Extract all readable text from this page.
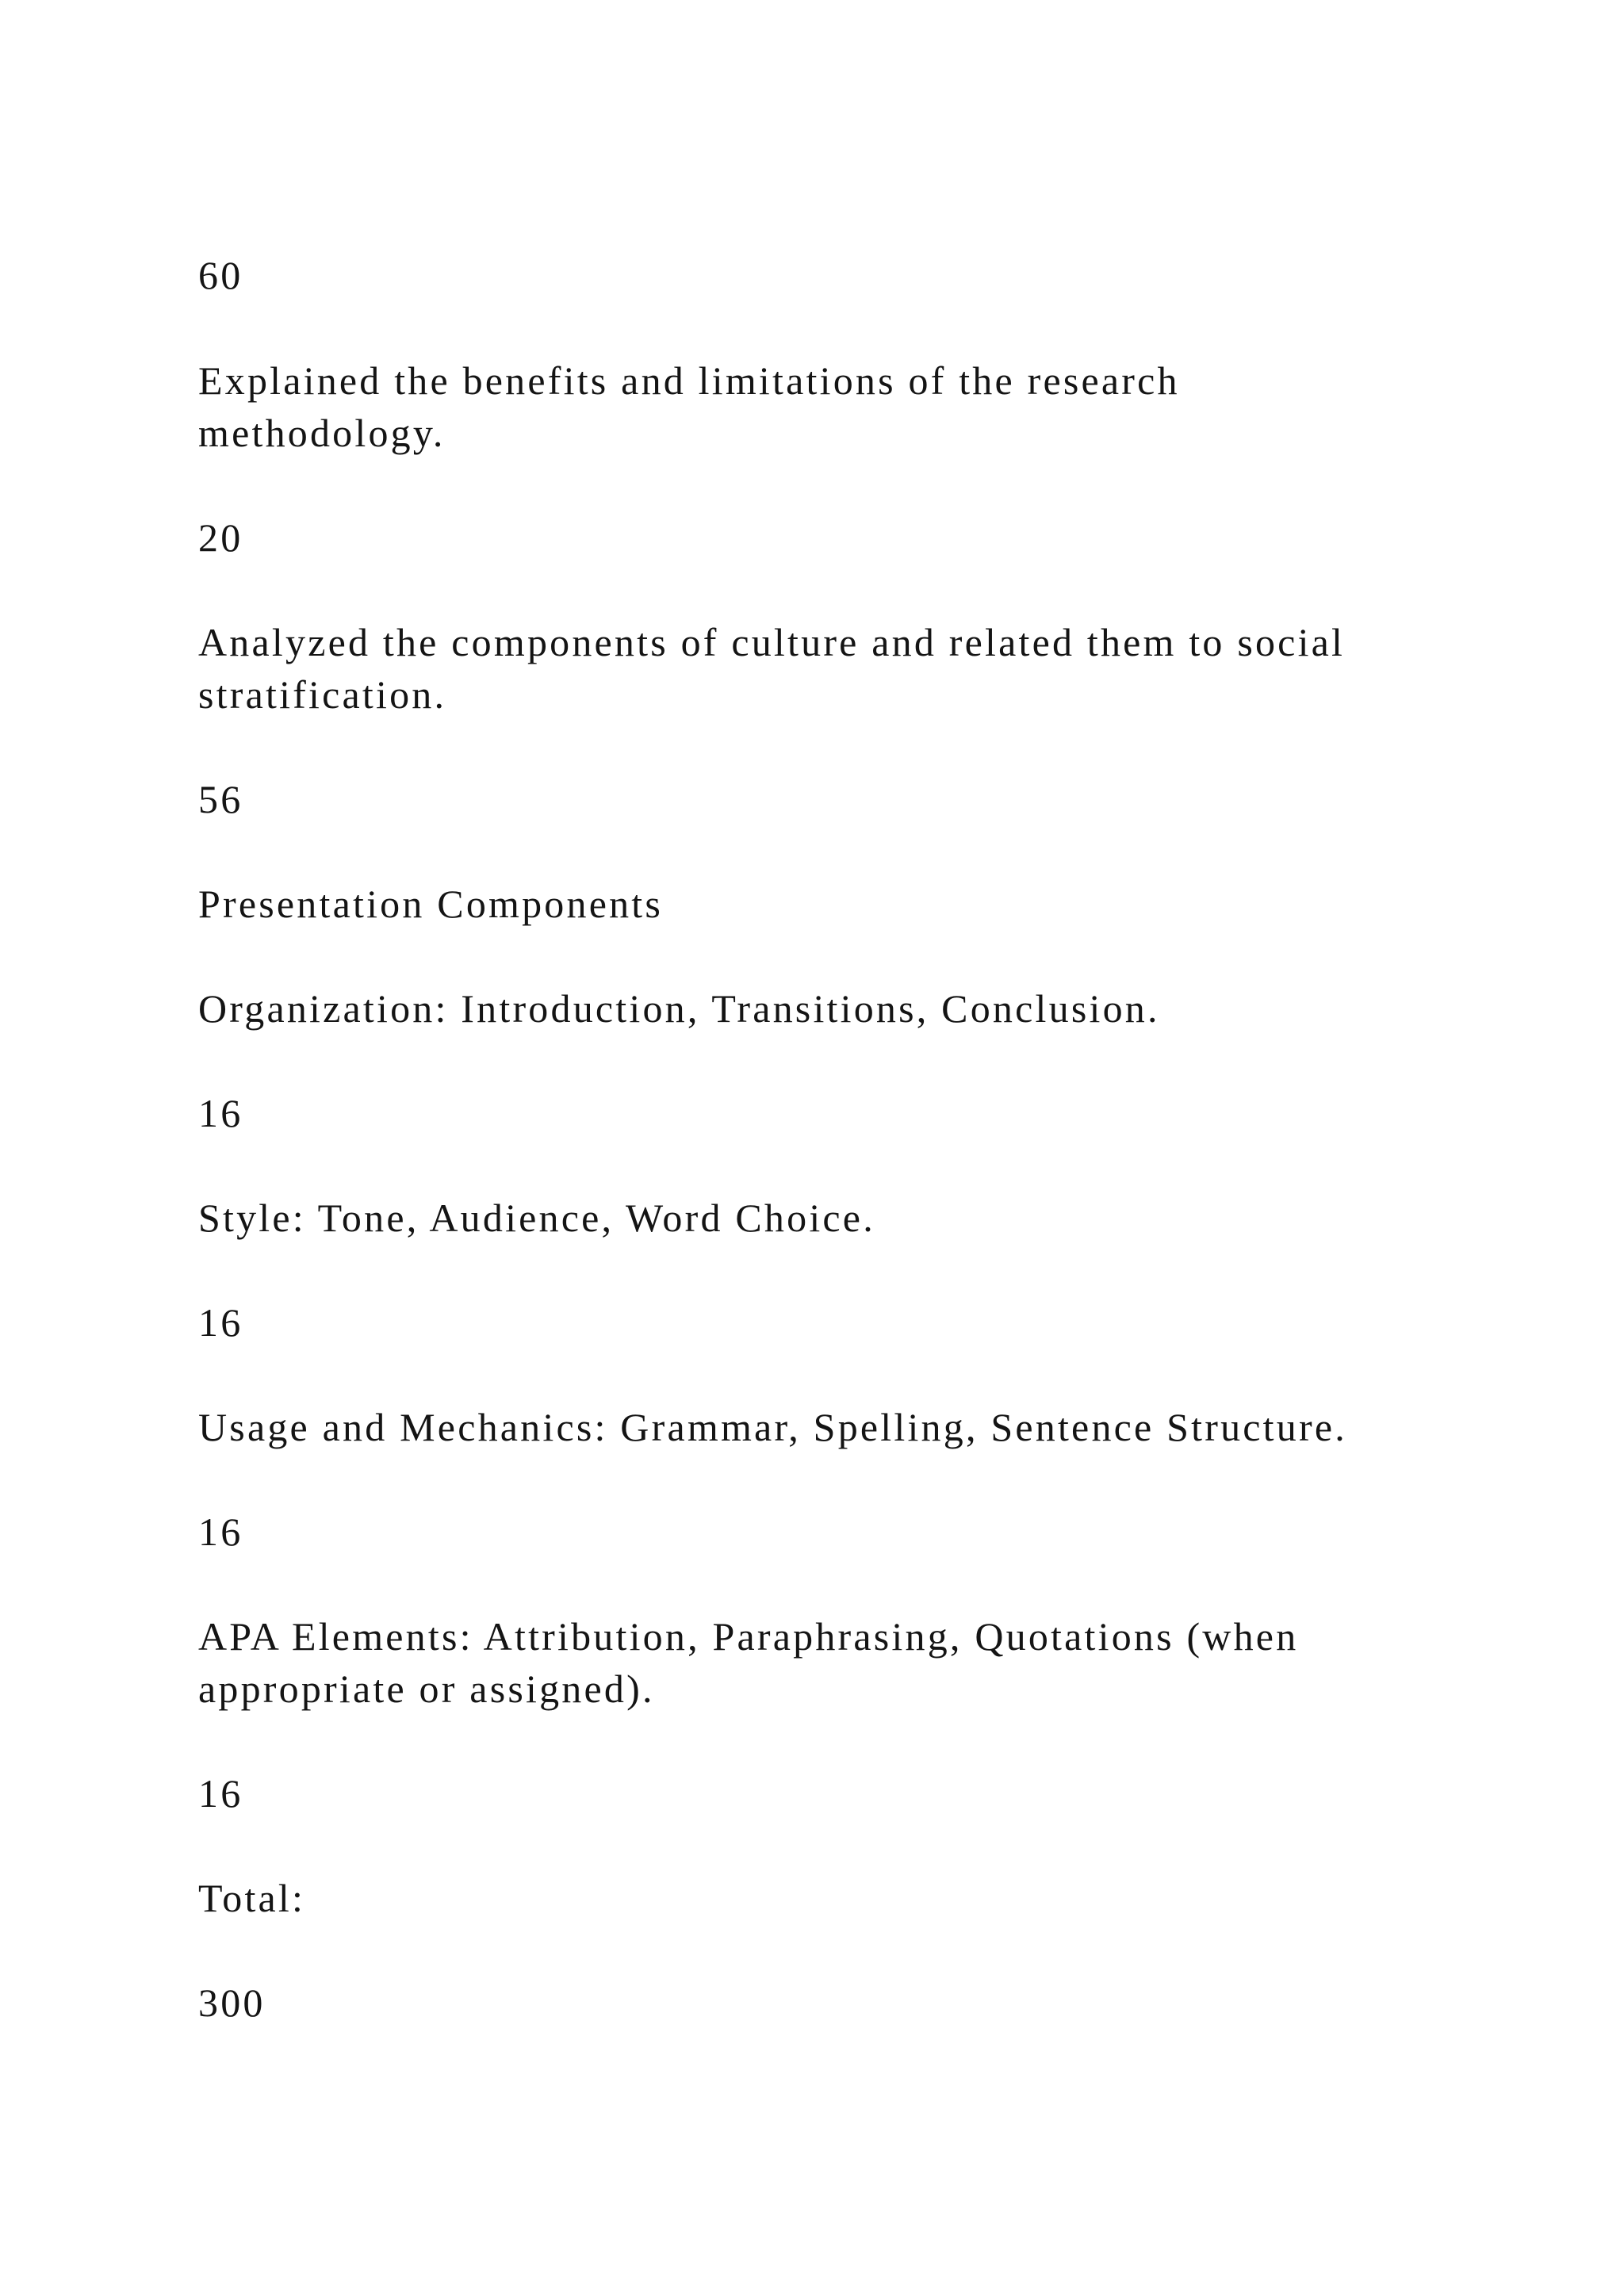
60

Explained the benefits and limitations of the research

methodology.

20

Analyzed the components of culture and related them to social

stratification.

56

Presentation Components

Organization: Introduction, Transitions, Conclusion.

16

Style: Tone, Audience, Word Choice.

16

Usage and Mechanics: Grammar, Spelling, Sentence Structure.

16

APA Elements: Attribution, Paraphrasing, Quotations (when

appropriate or assigned).

16

Total:

300
